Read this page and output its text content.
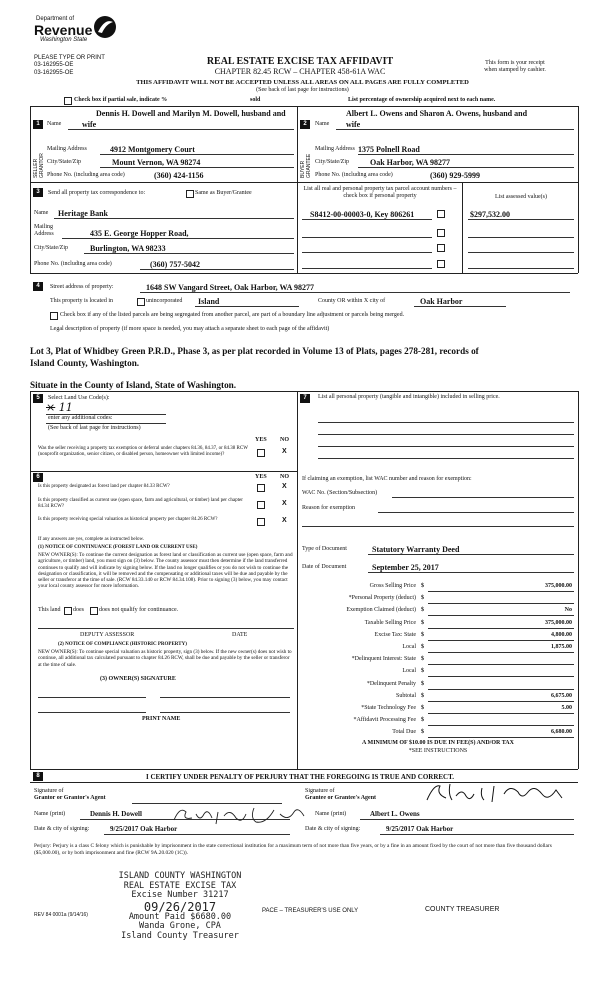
Department of
Revenue
Washington State
PLEASE TYPE OR PRINT
03-162955-OE
03-162955-OE
REAL ESTATE EXCISE TAX AFFIDAVIT
CHAPTER 82.45 RCW – CHAPTER 458-61A WAC
This form is your receipt
when stamped by cashier.
THIS AFFIDAVIT WILL NOT BE ACCEPTED UNLESS ALL AREAS ON ALL PAGES ARE FULLY COMPLETED
(See back of last page for instructions)
Check box if partial sale, indicate %	sold	List percentage of ownership acquired next to each name.
1
SELLER GRANTOR
Dennis H. Dowell and Marilyn M. Dowell, husband and
Name	wife
Mailing Address	4912 Montgomery Court
City/State/Zip	Mount Vernon, WA 98274
Phone No. (including area code)	(360) 424-1156
2
BUYER GRANTEE
Albert L. Owens and Sharon A. Owens, husband and
Name wife
Mailing Address 1375 Polnell Road
City/State/Zip	Oak Harbor, WA 98277
Phone No. (including area code)	(360) 929-5999
3	Send all property tax correspondence to:	Same as Buyer/Grantee
Name Heritage Bank
Mailing Address	435 E. George Hopper Road,
City/State/Zip	Burlington, WA 98233
Phone No. (including area code)	(360) 757-5042
List all real and personal property tax parcel account numbers – check box if personal property	List assessed value(s)
S8412-00-00003-0, Key 806261	$297,532.00
4	Street address of property:	1648 SW Vangard Street, Oak Harbor, WA 98277
This property is located in	unincorporated Island	County OR within X city of	Oak Harbor
Check box if any of the listed parcels are being segregated from another parcel, are part of a boundary line adjustment or parcels being merged.
Legal description of property (if more space is needed, you may attach a separate sheet to each page of the affidavit)
Lot 3, Plat of Whidbey Green P.R.D., Phase 3, as per plat recorded in Volume 13 of Plats, pages 278-281, records of
Island County, Washington.
Situate in the County of Island, State of Washington.
5	Select Land Use Code(s):
× 11
enter any additional codes:
(See back of last page for instructions)
YES NO
Was the seller receiving a property tax exemption or deferral under chapters 84.36, 84.37, or 84.38 RCW (nonprofit organization, senior citizen, or disabled person, homeowner with limited income)?	X
6	YES NO
Is this property designated as forest land per chapter 84.33 RCW?	X
Is this property classified as current use (open space, farm and agricultural, or timber) land per chapter 84.34 RCW?	X
Is this property receiving special valuation as historical property per chapter 84.26 RCW?	X
If any answers are yes, complete as instructed below.
(1) NOTICE OF CONTINUANCE (FOREST LAND OR CURRENT USE)
NEW OWNER(S): To continue the current designation as forest land or classification as current use (open space, farm and agriculture, or timber) land, you must sign on (3) below. The county assessor must then determine if the land transferred continues to qualify and will indicate by signing below. If the land no longer qualifies or you do not wish to continue the designation or classification, it will be removed and the compensating or additional taxes will be due and payable by the seller or transferor at the time of sale. (RCW 84.33.140 or RCW 84.34.108). Prior to signing (3) below, you may contact your local county assessor for more information.
This land does	does not qualify for continuance.
DEPUTY ASSESSOR	DATE
(2) NOTICE OF COMPLIANCE (HISTORIC PROPERTY)
NEW OWNER(S): To continue special valuation as historic property, sign (3) below. If the new owner(s) does not wish to continue, all additional tax calculated pursuant to chapter 84.26 RCW, shall be due and payable by the seller or transferor at the time of sale.
(3) OWNER(S) SIGNATURE
PRINT NAME
7	List all personal property (tangible and intangible) included in selling price.
If claiming an exemption, list WAC number and reason for exemption:
WAC No. (Section/Subsection)
Reason for exemption
Type of Document	Statutory Warranty Deed
Date of Document	September 25, 2017
Gross Selling Price $	375,000.00
*Personal Property (deduct) $
Exemption Claimed (deduct) $	No
Taxable Selling Price $	375,000.00
Excise Tax: State $	4,800.00
Local $	1,875.00
*Delinquent Interest: State $
Local $
*Delinquent Penalty $
Subtotal $	6,675.00
*State Technology Fee $	5.00
*Affidavit Processing Fee $
Total Due $	6,680.00
A MINIMUM OF $10.00 IS DUE IN FEE(S) AND/OR TAX
*SEE INSTRUCTIONS
8	I CERTIFY UNDER PENALTY OF PERJURY THAT THE FOREGOING IS TRUE AND CORRECT.
Signature of
Grantor or Grantor's Agent
Signature of
Grantee or Grantee's Agent
Name (print)	Dennis H. Dowell	Name (print)	Albert L. Owens
Date & city of signing:	9/25/2017 Oak Harbor	Date & city of signing:	9/25/2017 Oak Harbor
Perjury: Perjury is a class C felony which is punishable by imprisonment in the state correctional institution for a maximum term of not more than five years, or by a fine in an amount fixed by the court of not more than five thousand dollars ($5,000.00), or by both imprisonment and fine (RCW 9A.20.020 (1C)).
ISLAND COUNTY WASHINGTON
REAL ESTATE EXCISE TAX
Excise Number 31217
09/26/2017
Amount Paid $6680.00
Wanda Grone, CPA
Island County Treasurer
REV 84 0001a (9/14/16)
PACE – TREASURER'S USE ONLY	COUNTY TREASURER
